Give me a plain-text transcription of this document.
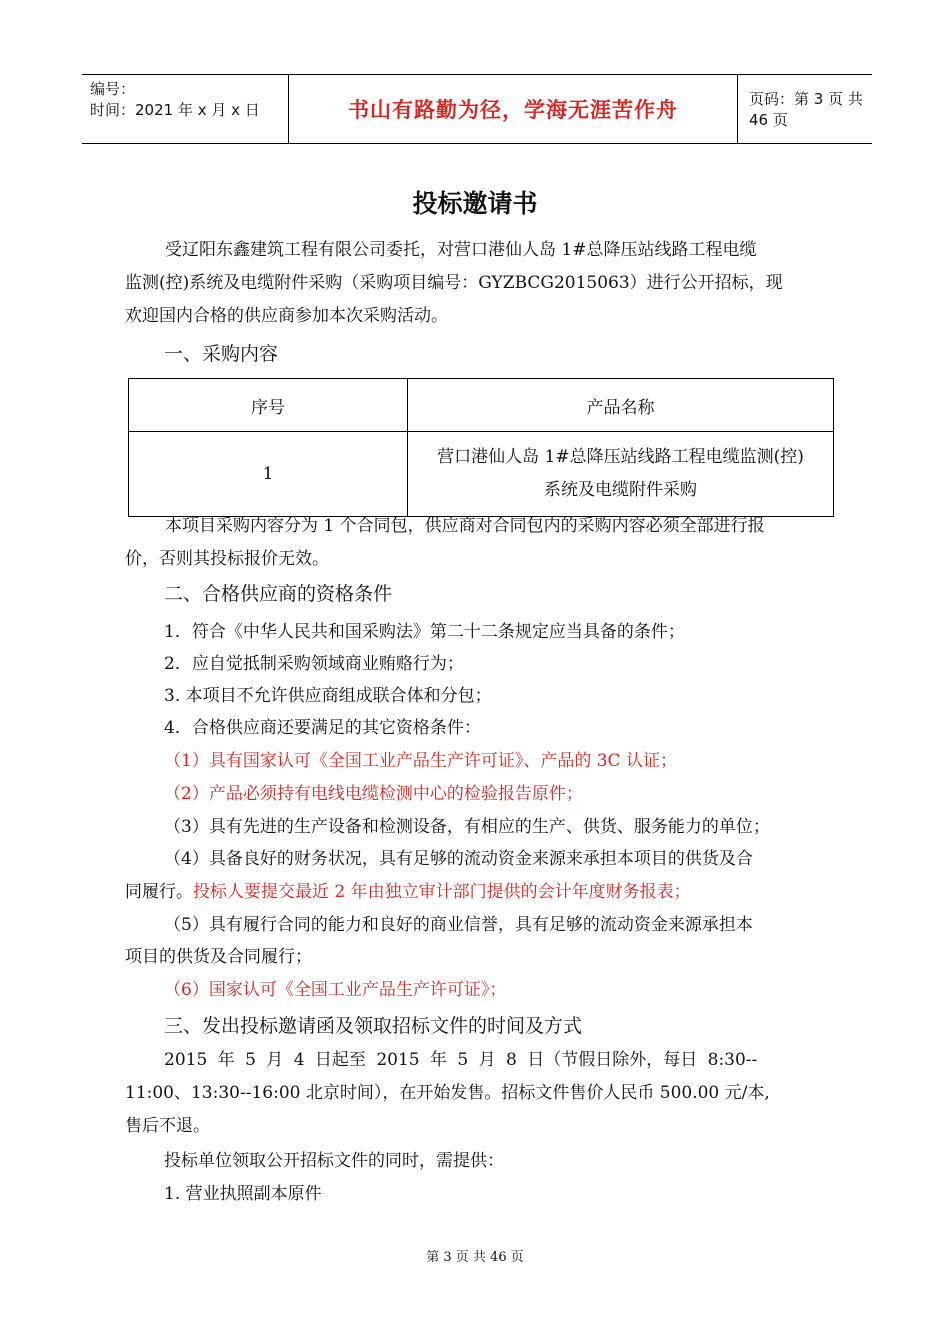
编号：
时间：2021 年 x 月 x 日	书山有路勤为径，学海无涯苦作舟	页码：第 3 页 共 46 页
投标邀请书
受辽阳东鑫建筑工程有限公司委托，对营口港仙人岛 1#总降压站线路工程电缆
监测(控)系统及电缆附件采购（采购项目编号：GYZBCG2015063）进行公开招标，现
欢迎国内合格的供应商参加本次采购活动。
一、采购内容
序号	产品名称
1	营口港仙人岛 1#总降压站线路工程电缆监测(控)
系统及电缆附件采购
本项目采购内容分为 1 个合同包，供应商对合同包内的采购内容必须全部进行报
价，否则其投标报价无效。
二、合格供应商的资格条件
1．符合《中华人民共和国采购法》第二十二条规定应当具备的条件；
2．应自觉抵制采购领域商业贿赂行为；
3. 本项目不允许供应商组成联合体和分包；
4．合格供应商还要满足的其它资格条件：
（1）具有国家认可《全国工业产品生产许可证》、产品的 3C 认证；
（2）产品必须持有电线电缆检测中心的检验报告原件；
（3）具有先进的生产设备和检测设备，有相应的生产、供货、服务能力的单位；
（4）具备良好的财务状况，具有足够的流动资金来源来承担本项目的供货及合
同履行。投标人要提交最近 2 年由独立审计部门提供的会计年度财务报表；
（5）具有履行合同的能力和良好的商业信誉，具有足够的流动资金来源承担本
项目的供货及合同履行；
（6）国家认可《全国工业产品生产许可证》；
三、发出投标邀请函及领取招标文件的时间及方式
2015 年 5 月 4 日起至 2015 年 5 月 8 日（节假日除外，每日 8:30--
11:00、13:30--16:00 北京时间），在开始发售。招标文件售价人民币 500.00 元/本,
售后不退。
投标单位领取公开招标文件的同时，需提供：
1. 营业执照副本原件
第 3 页 共 46 页
